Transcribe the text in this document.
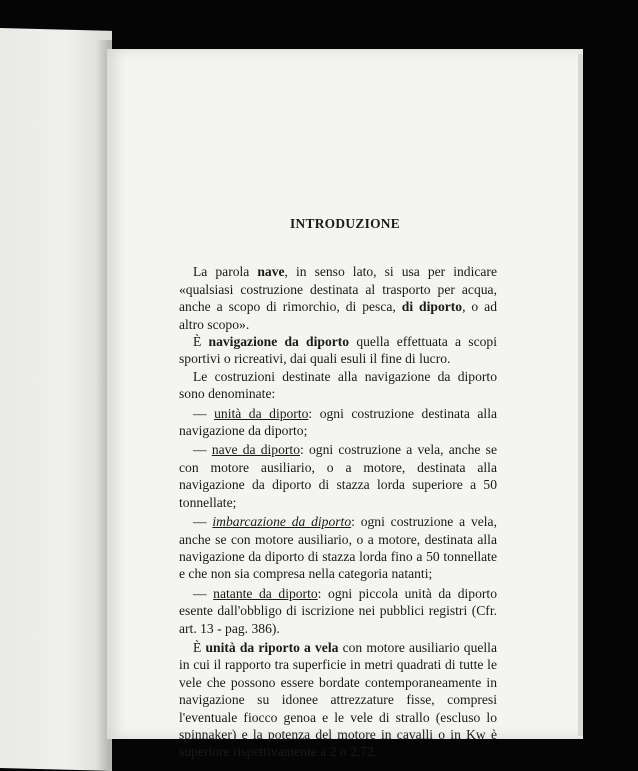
INTRODUZIONE

La parola nave, in senso lato, si usa per indicare «qualsiasi costruzione destinata al trasporto per acqua, anche a scopo di rimorchio, di pesca, di diporto, o ad altro scopo».

È navigazione da diporto quella effettuata a scopi sportivi o ricreativi, dai quali esuli il fine di lucro.

Le costruzioni destinate alla navigazione da diporto sono denominate:

— unità da diporto: ogni costruzione destinata alla navigazione da diporto;

— nave da diporto: ogni costruzione a vela, anche se con motore ausiliario, o a motore, destinata alla navigazione da diporto di stazza lorda superiore a 50 tonnellate;

— imbarcazione da diporto: ogni costruzione a vela, anche se con motore ausiliario, o a motore, destinata alla navigazione da diporto di stazza lorda fino a 50 tonnellate e che non sia compresa nella categoria natanti;

— natante da diporto: ogni piccola unità da diporto esente dall'obbligo di iscrizione nei pubblici registri (Cfr. art. 13 - pag. 386).

È unità da riporto a vela con motore ausiliario quella in cui il rapporto tra superficie in metri quadrati di tutte le vele che possono essere bordate contemporaneamente in navigazione su idonee attrezzature fisse, compresi l'eventuale fiocco genoa e le vele di strallo (escluso lo spinnaker) e la potenza del motore in cavalli o in Kw è superiore rispettivamente a 2 o 2,72.
